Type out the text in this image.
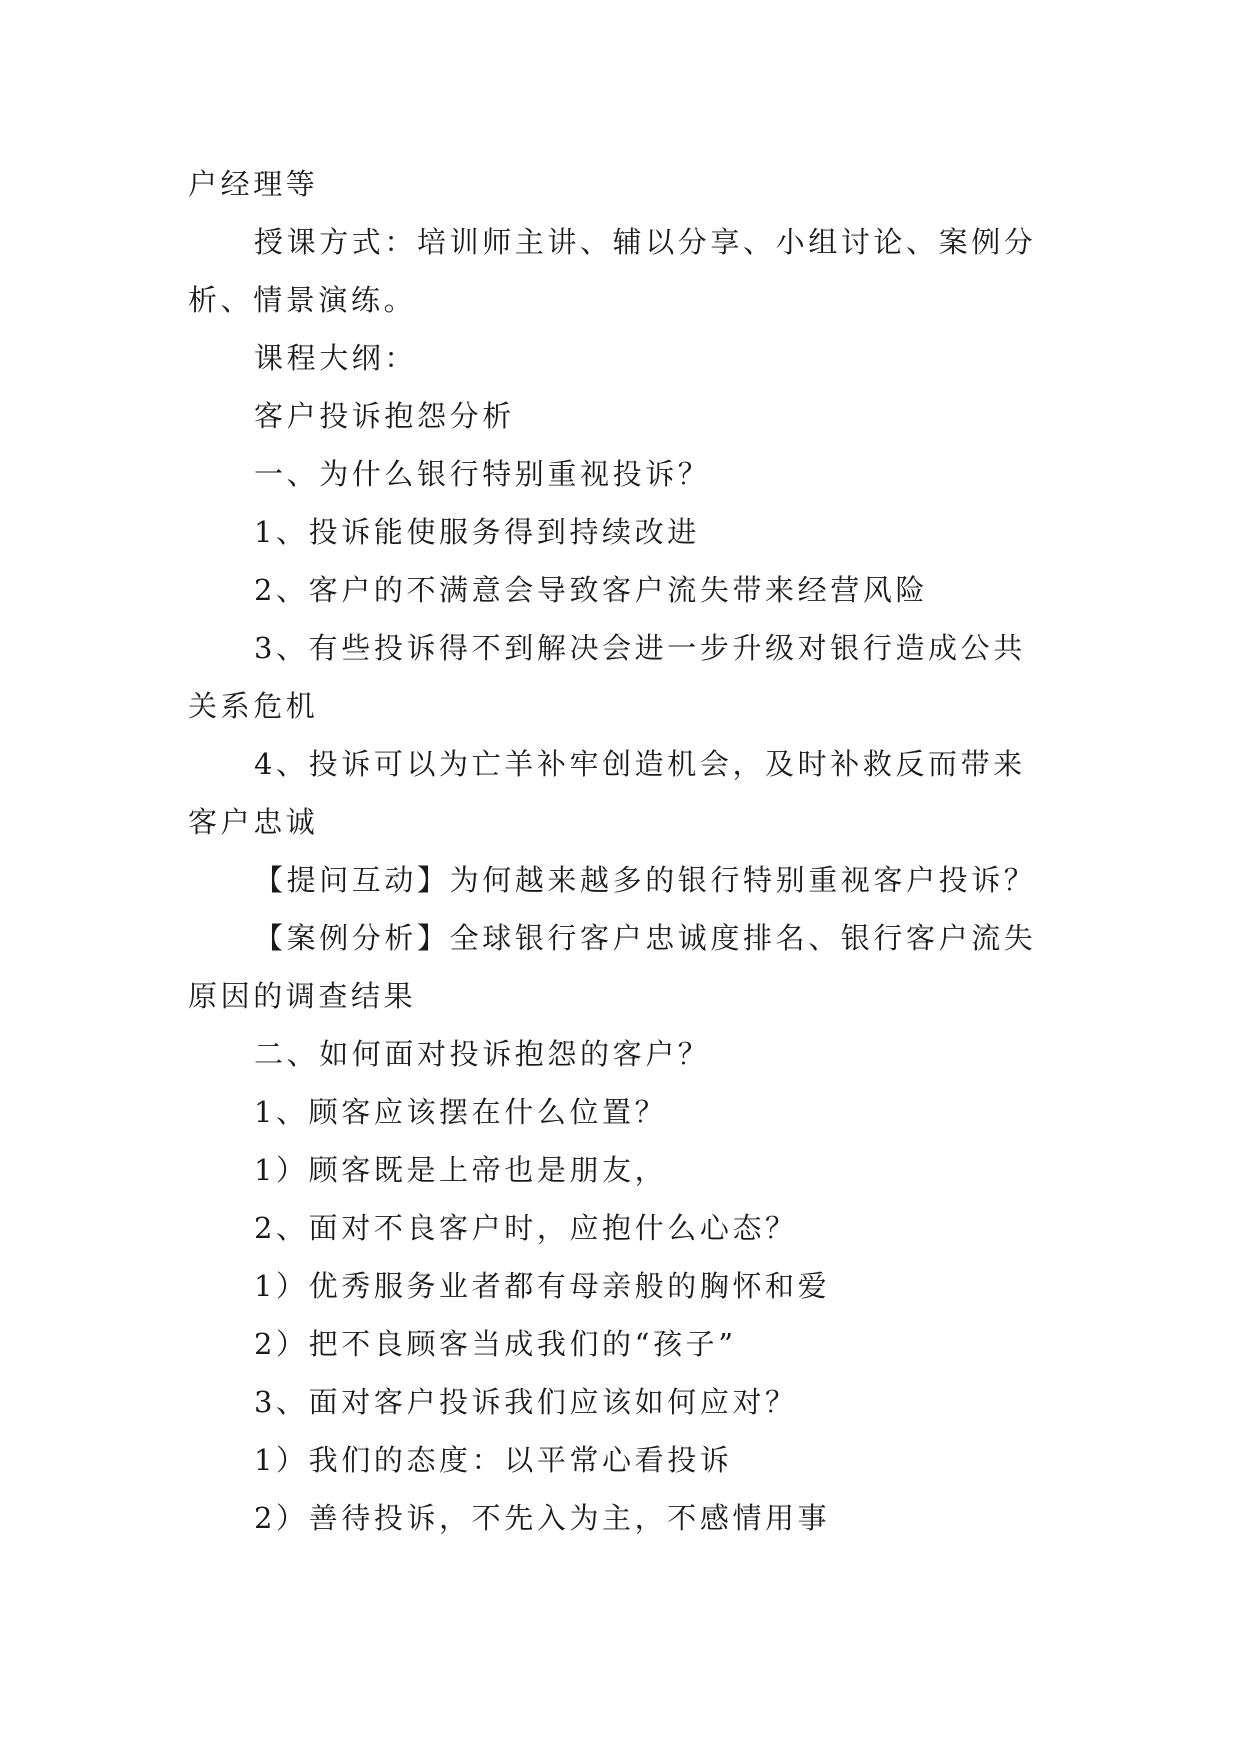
户经理等
授课方式：培训师主讲、辅以分享、小组讨论、案例分
析、情景演练。
课程大纲：
客户投诉抱怨分析
一、为什么银行特别重视投诉？
1、投诉能使服务得到持续改进
2、客户的不满意会导致客户流失带来经营风险
3、有些投诉得不到解决会进一步升级对银行造成公共
关系危机
4、投诉可以为亡羊补牢创造机会，及时补救反而带来
客户忠诚
【提问互动】为何越来越多的银行特别重视客户投诉？
【案例分析】全球银行客户忠诚度排名、银行客户流失
原因的调查结果
二、如何面对投诉抱怨的客户？
1、顾客应该摆在什么位置？
1）顾客既是上帝也是朋友，
2、面对不良客户时，应抱什么心态？
1）优秀服务业者都有母亲般的胸怀和爱
2）把不良顾客当成我们的“孩子”
3、面对客户投诉我们应该如何应对？
1）我们的态度：以平常心看投诉
2）善待投诉，不先入为主，不感情用事
